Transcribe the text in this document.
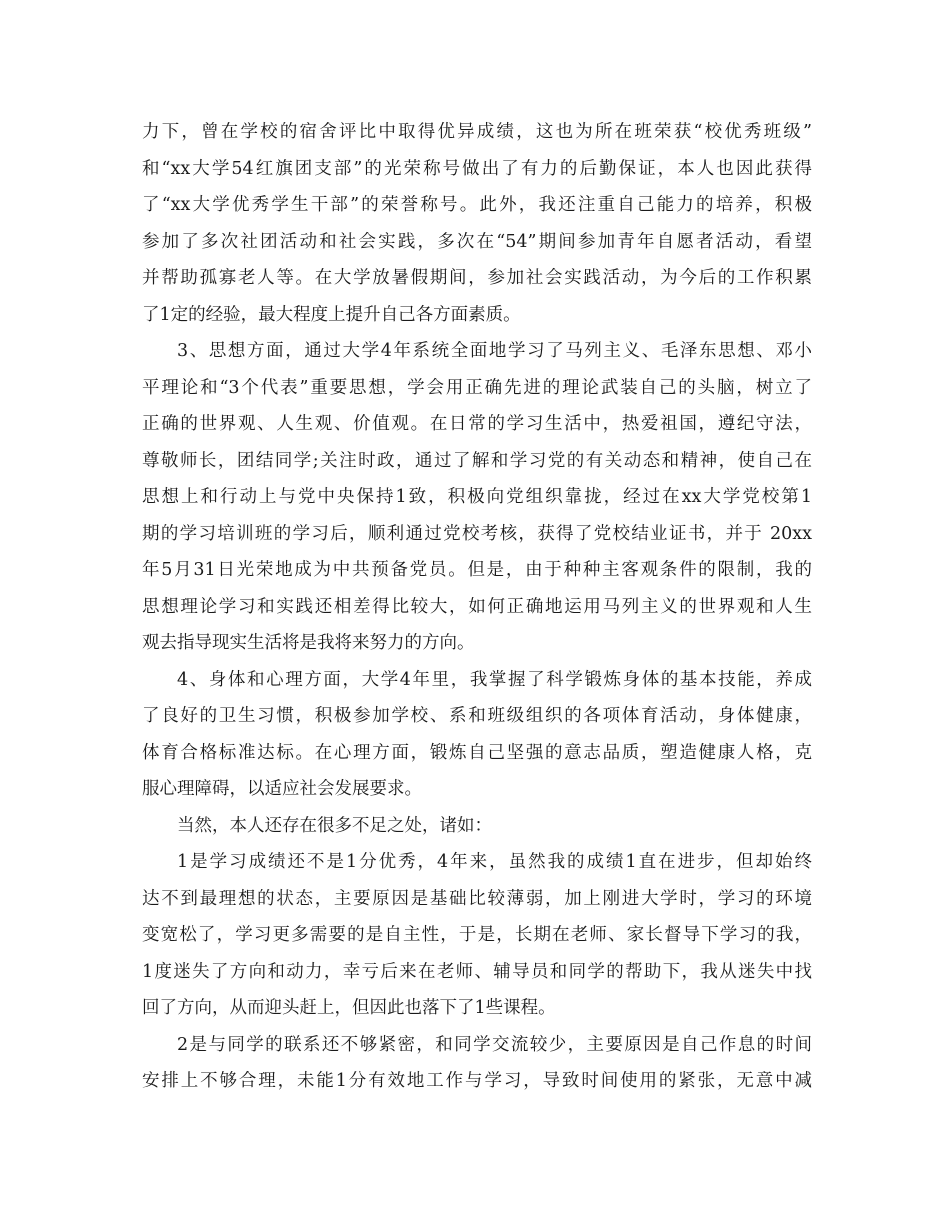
力下，曾在学校的宿舍评比中取得优异成绩，这也为所在班荣获“校优秀班级”
和“xx大学54红旗团支部”的光荣称号做出了有力的后勤保证，本人也因此获得
了“xx大学优秀学生干部”的荣誉称号。此外，我还注重自己能力的培养，积极
参加了多次社团活动和社会实践，多次在“54”期间参加青年自愿者活动，看望
并帮助孤寡老人等。在大学放暑假期间，参加社会实践活动，为今后的工作积累
了1定的经验，最大程度上提升自己各方面素质。
3、思想方面，通过大学4年系统全面地学习了马列主义、毛泽东思想、邓小
平理论和“3个代表”重要思想，学会用正确先进的理论武装自己的头脑，树立了
正确的世界观、人生观、价值观。在日常的学习生活中，热爱祖国，遵纪守法，
尊敬师长，团结同学;关注时政，通过了解和学习党的有关动态和精神，使自己在
思想上和行动上与党中央保持1致，积极向党组织靠拢，经过在xx大学党校第1
期的学习培训班的学习后，顺利通过党校考核，获得了党校结业证书，并于 20xx
年5月31日光荣地成为中共预备党员。但是，由于种种主客观条件的限制，我的
思想理论学习和实践还相差得比较大，如何正确地运用马列主义的世界观和人生
观去指导现实生活将是我将来努力的方向。
4、身体和心理方面，大学4年里，我掌握了科学锻炼身体的基本技能，养成
了良好的卫生习惯，积极参加学校、系和班级组织的各项体育活动，身体健康，
体育合格标准达标。在心理方面，锻炼自己坚强的意志品质，塑造健康人格，克
服心理障碍，以适应社会发展要求。
当然，本人还存在很多不足之处，诸如：
1是学习成绩还不是1分优秀，4年来，虽然我的成绩1直在进步，但却始终
达不到最理想的状态，主要原因是基础比较薄弱，加上刚进大学时，学习的环境
变宽松了，学习更多需要的是自主性，于是，长期在老师、家长督导下学习的我，
1度迷失了方向和动力，幸亏后来在老师、辅导员和同学的帮助下，我从迷失中找
回了方向，从而迎头赶上，但因此也落下了1些课程。
2是与同学的联系还不够紧密，和同学交流较少，主要原因是自己作息的时间
安排上不够合理，未能1分有效地工作与学习，导致时间使用的紧张，无意中减
